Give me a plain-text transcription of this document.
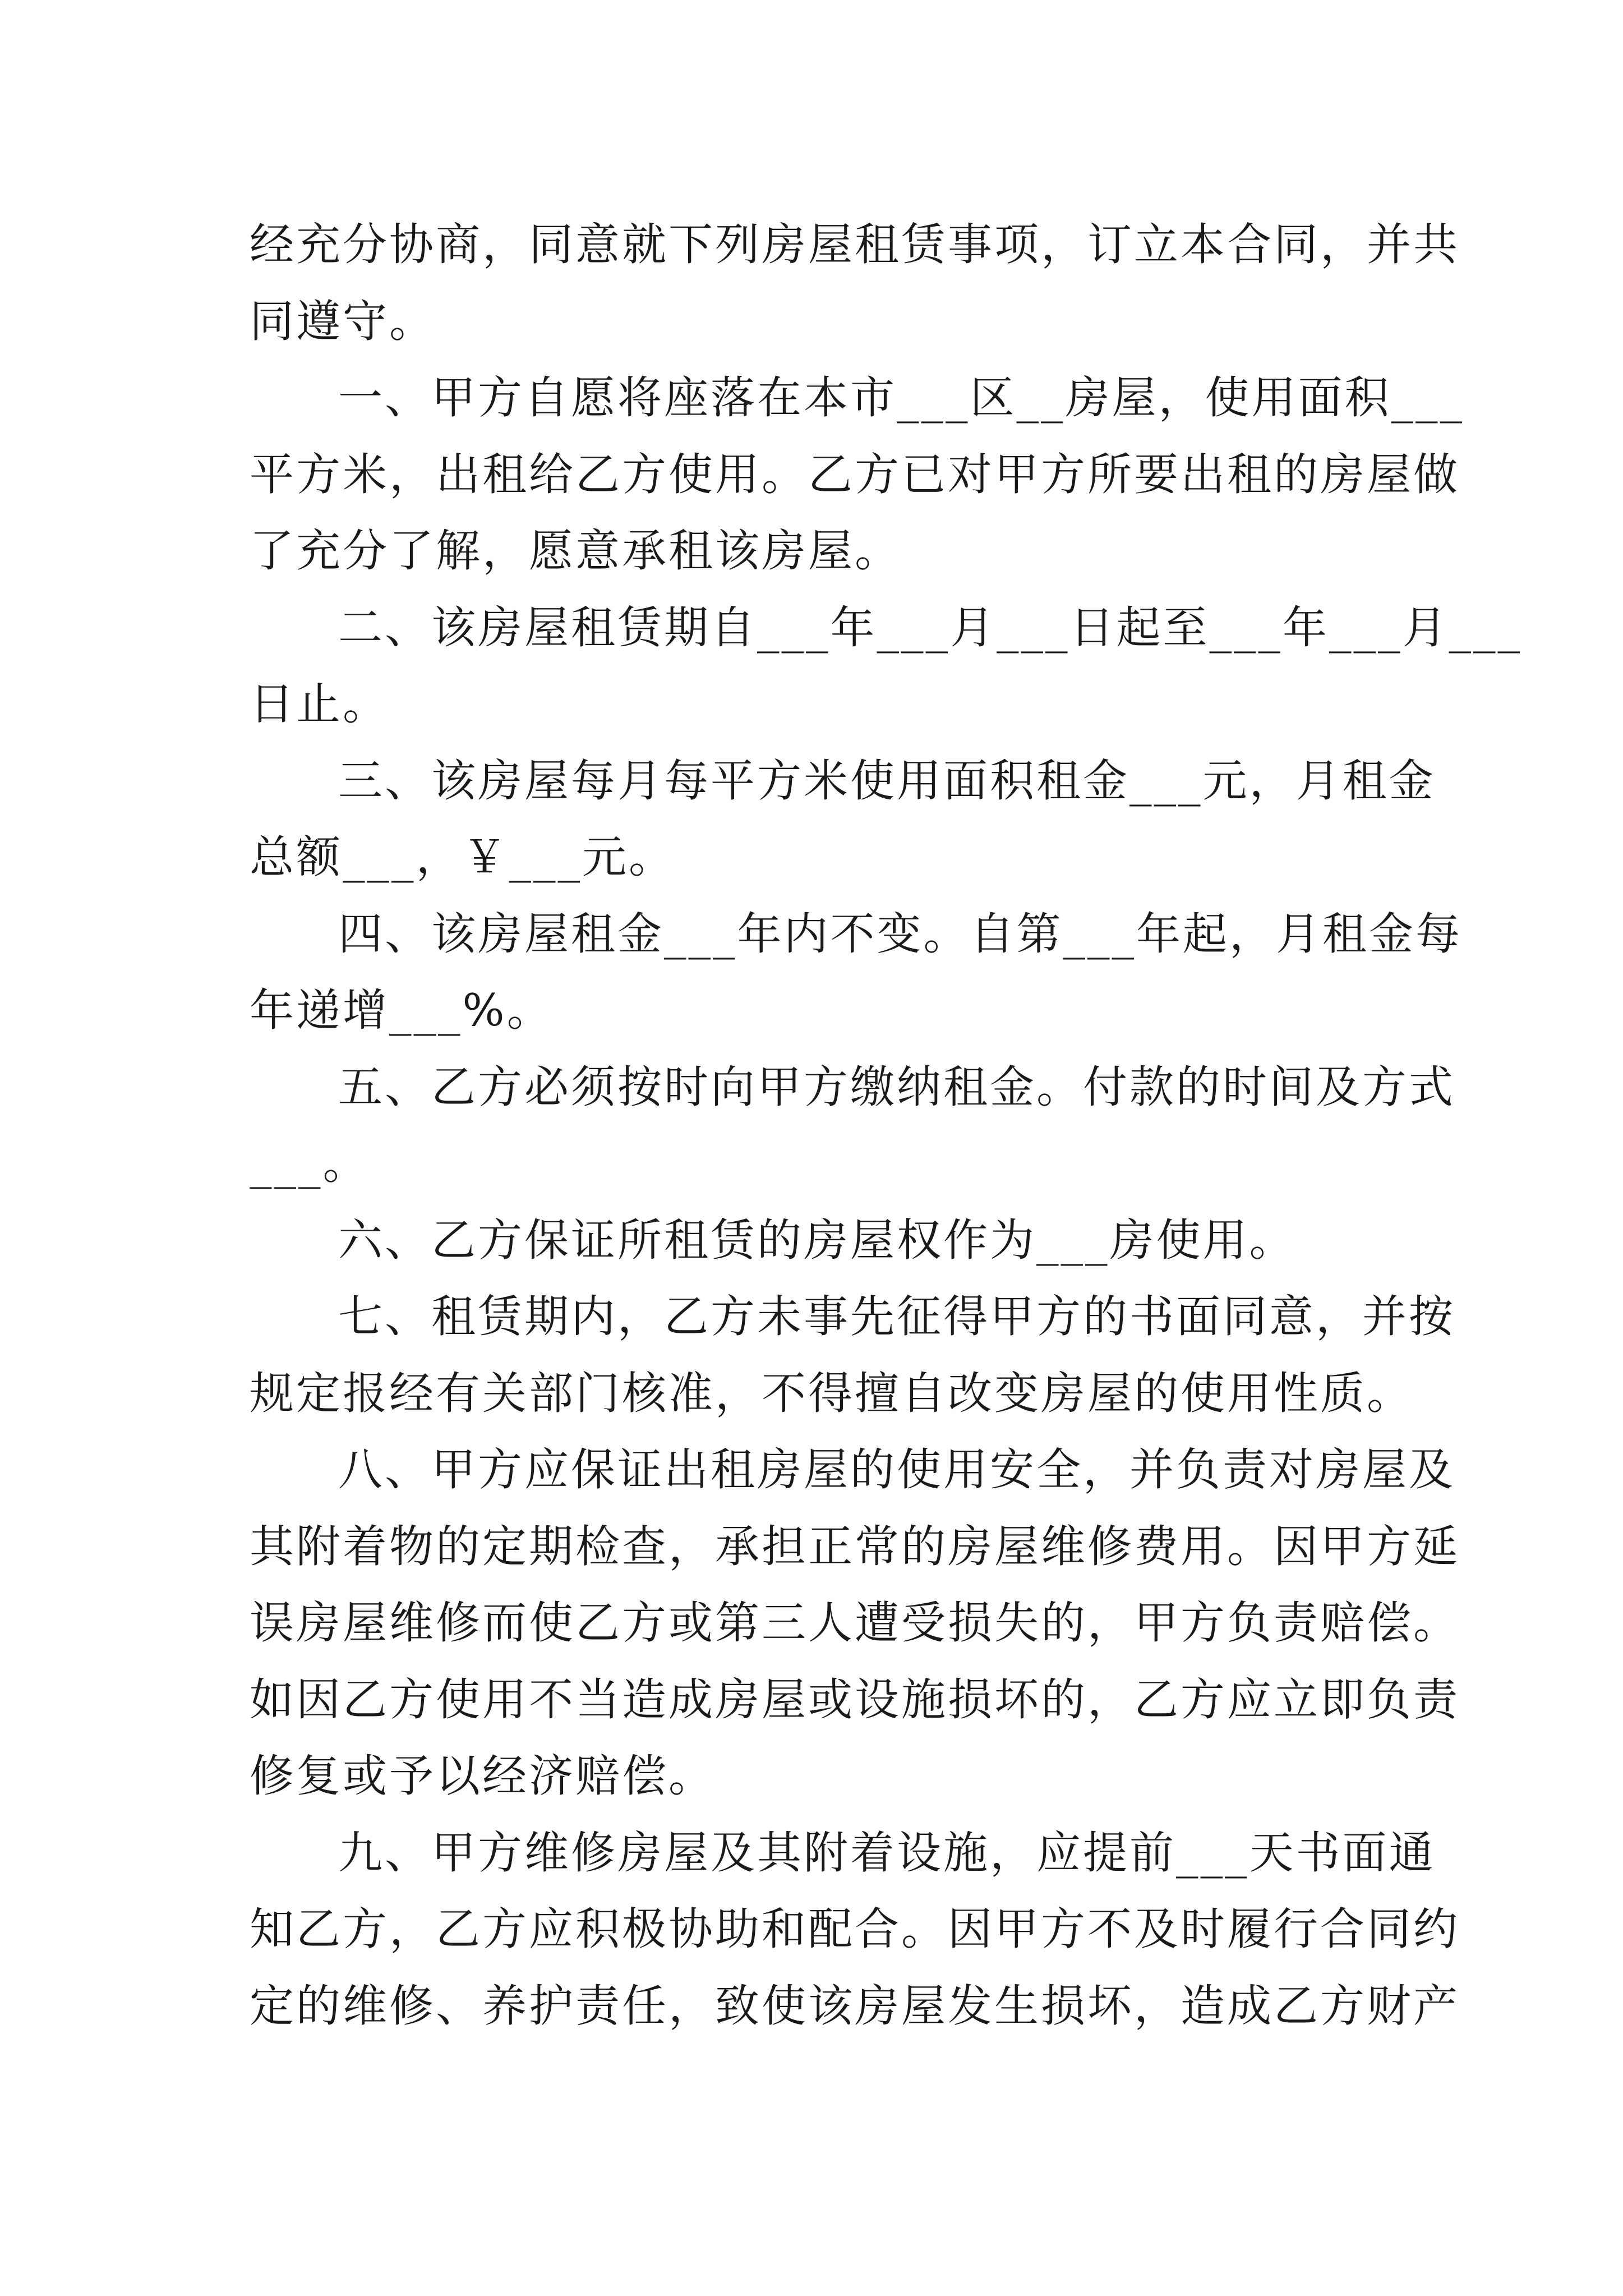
经充分协商，同意就下列房屋租赁事项，订立本合同，并共
同遵守。
一、甲方自愿将座落在本市___区__房屋，使用面积___
平方米，出租给乙方使用。乙方已对甲方所要出租的房屋做
了充分了解，愿意承租该房屋。
二、该房屋租赁期自___年___月___日起至___年___月___
日止。
三、该房屋每月每平方米使用面积租金___元，月租金
总额___，￥___元。
四、该房屋租金___年内不变。自第___年起，月租金每
年递增___%。
五、乙方必须按时向甲方缴纳租金。付款的时间及方式
___。
六、乙方保证所租赁的房屋权作为___房使用。
七、租赁期内，乙方未事先征得甲方的书面同意，并按
规定报经有关部门核准，不得擅自改变房屋的使用性质。
八、甲方应保证出租房屋的使用安全，并负责对房屋及
其附着物的定期检查，承担正常的房屋维修费用。因甲方延
误房屋维修而使乙方或第三人遭受损失的，甲方负责赔偿。
如因乙方使用不当造成房屋或设施损坏的，乙方应立即负责
修复或予以经济赔偿。
九、甲方维修房屋及其附着设施，应提前___天书面通
知乙方，乙方应积极协助和配合。因甲方不及时履行合同约
定的维修、养护责任，致使该房屋发生损坏，造成乙方财产
